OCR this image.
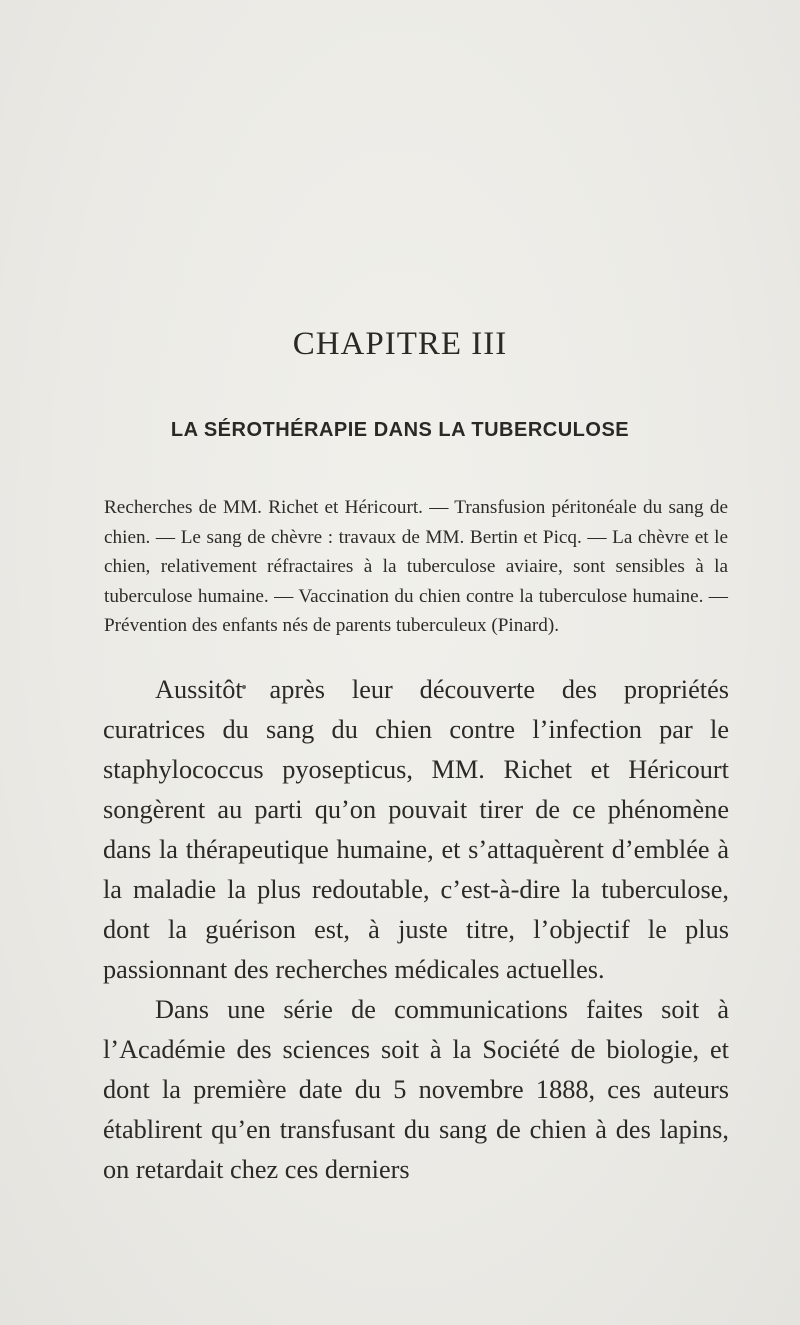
CHAPITRE III
LA SÉROTHÉRAPIE DANS LA TUBERCULOSE

Recherches de MM. Richet et Héricourt. — Transfusion péritonéale du sang de chien. — Le sang de chèvre : travaux de MM. Bertin et Picq. — La chèvre et le chien, relativement réfractaires à la tuberculose aviaire, sont sensibles à la tuberculose humaine. — Vaccination du chien contre la tuberculose humaine. — Prévention des enfants nés de parents tuberculeux (Pinard).

Aussitôt après leur découverte des propriétés curatrices du sang du chien contre l’infection par le staphylococcus pyosepticus, MM. Richet et Héricourt songèrent au parti qu’on pouvait tirer de ce phénomène dans la thérapeutique humaine, et s’attaquèrent d’emblée à la maladie la plus redoutable, c’est-à-dire la tuberculose, dont la guérison est, à juste titre, l’objectif le plus passionnant des recherches médicales actuelles.

Dans une série de communications faites soit à l’Académie des sciences soit à la Société de biologie, et dont la première date du 5 novembre 1888, ces auteurs établirent qu’en transfusant du sang de chien à des lapins, on retardait chez ces derniers
